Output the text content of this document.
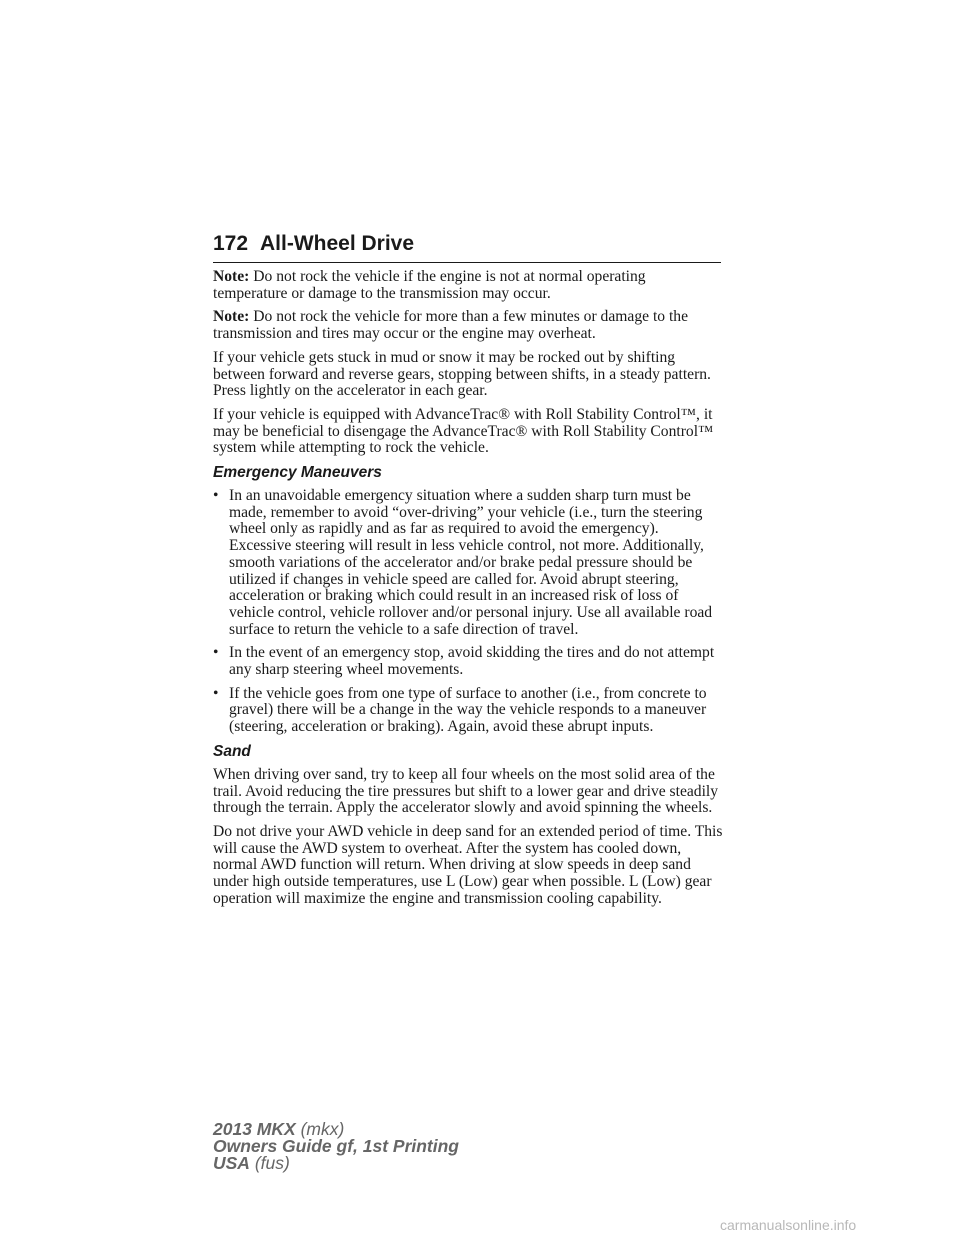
172 All-Wheel Drive

Note: Do not rock the vehicle if the engine is not at normal operating temperature or damage to the transmission may occur.

Note: Do not rock the vehicle for more than a few minutes or damage to the transmission and tires may occur or the engine may overheat.

If your vehicle gets stuck in mud or snow it may be rocked out by shifting between forward and reverse gears, stopping between shifts, in a steady pattern. Press lightly on the accelerator in each gear.

If your vehicle is equipped with AdvanceTrac® with Roll Stability Control™, it may be beneficial to disengage the AdvanceTrac® with Roll Stability Control™ system while attempting to rock the vehicle.

Emergency Maneuvers
• In an unavoidable emergency situation where a sudden sharp turn must be made, remember to avoid “over-driving” your vehicle (i.e., turn the steering wheel only as rapidly and as far as required to avoid the emergency). Excessive steering will result in less vehicle control, not more. Additionally, smooth variations of the accelerator and/or brake pedal pressure should be utilized if changes in vehicle speed are called for. Avoid abrupt steering, acceleration or braking which could result in an increased risk of loss of vehicle control, vehicle rollover and/or personal injury. Use all available road surface to return the vehicle to a safe direction of travel.
• In the event of an emergency stop, avoid skidding the tires and do not attempt any sharp steering wheel movements.
• If the vehicle goes from one type of surface to another (i.e., from concrete to gravel) there will be a change in the way the vehicle responds to a maneuver (steering, acceleration or braking). Again, avoid these abrupt inputs.
Sand

When driving over sand, try to keep all four wheels on the most solid area of the trail. Avoid reducing the tire pressures but shift to a lower gear and drive steadily through the terrain. Apply the accelerator slowly and avoid spinning the wheels.

Do not drive your AWD vehicle in deep sand for an extended period of time. This will cause the AWD system to overheat. After the system has cooled down, normal AWD function will return. When driving at slow speeds in deep sand under high outside temperatures, use L (Low) gear when possible. L (Low) gear operation will maximize the engine and transmission cooling capability.

2013 MKX (mkx)
Owners Guide gf, 1st Printing
USA (fus)
carmanualsonline.info
